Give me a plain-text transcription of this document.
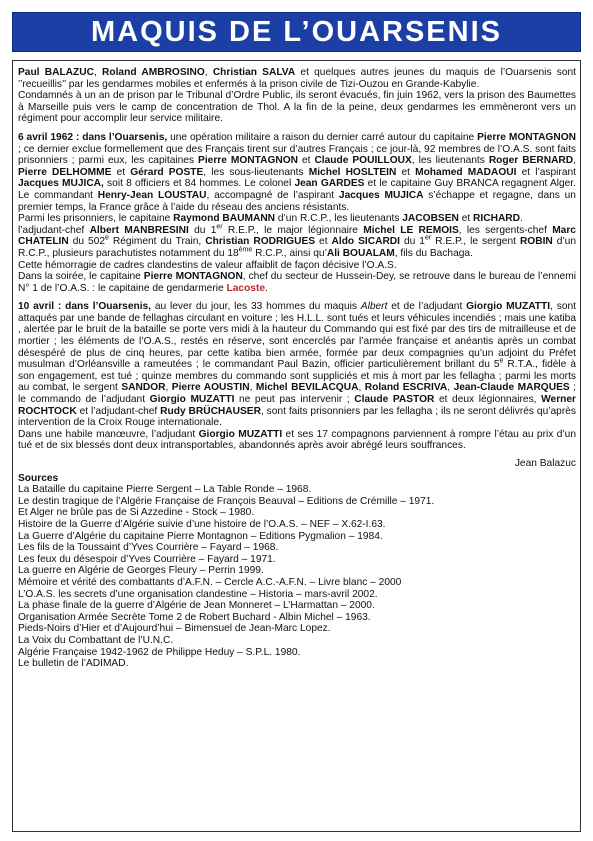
MAQUIS DE L’OUARSENIS

Paul BALAZUC, Roland AMBROSINO, Christian SALVA et quelques autres jeunes du maquis de l’Ouarsenis sont ’’recueillis’’ par les gendarmes mobiles et enfermés à la prison civile de Tizi-Ouzou en Grande-Kabylie.
Condamnés à un an de prison par le Tribunal d’Ordre Public, ils seront évacués, fin juin 1962, vers la prison des Baumettes à Marseille puis vers le camp de concentration de Thol. A la fin de la peine, deux gendarmes les emmèneront vers un régiment pour accomplir leur service militaire.

6 avril 1962 : dans l’Ouarsenis, une opération militaire a raison du dernier carré autour du capitaine Pierre MONTAGNON ; ce dernier exclue formellement que des Français tirent sur d’autres Français ; ce jour-là, 92 membres de l’O.A.S. sont faits prisonniers ; parmi eux, les capitaines Pierre MONTAGNON et Claude POUILLOUX, les lieutenants Roger BERNARD, Pierre DELHOMME et Gérard POSTE, les sous-lieutenants Michel HOSLTEIN et Mohamed MADAOUI et l’aspirant Jacques MUJICA, soit 8 officiers et 84 hommes. Le colonel Jean GARDES et le capitaine Guy BRANCA regagnent Alger. Le commandant Henry-Jean LOUSTAU, accompagné de l’aspirant Jacques MUJICA s’échappe et regagne, dans un premier temps, la France grâce à l’aide du réseau des anciens résistants.
Parmi les prisonniers, le capitaine Raymond BAUMANN d’un R.C.P., les lieutenants JACOBSEN et RICHARD.
l’adjudant-chef Albert MANBRESINI du 1er R.E.P., le major légionnaire Michel LE REMOIS, les sergents-chef Marc CHATELIN du 502e Régiment du Train, Christian RODRIGUES et Aldo SICARDI du 1er R.E.P., le sergent ROBIN d’un R.C.P., plusieurs parachutistes notamment du 18ème R.C.P., ainsi qu’Ali BOUALAM, fils du Bachaga.
Cette hémorragie de cadres clandestins de valeur affaiblit de façon décisive l’O.A.S.
Dans la soirée, le capitaine Pierre MONTAGNON, chef du secteur de Hussein-Dey, se retrouve dans le bureau de l’ennemi N° 1 de l’O.A.S. : le capitaine de gendarmerie Lacoste.

10 avril : dans l’Ouarsenis, au lever du jour, les 33 hommes du maquis Albert et de l’adjudant Giorgio MUZATTI, sont attaqués par une bande de fellaghas circulant en voiture ; les H.L.L. sont tués et leurs véhicules incendiés ; mais une katiba , alertée par le bruit de la bataille se porte vers midi à la hauteur du Commando qui est fixé par des tirs de mitrailleuse et de mortier ; les éléments de l’O.A.S., restés en réserve, sont encerclés par l’armée française et anéantis après un combat désespéré de plus de cinq heures, par cette katiba bien armée, formée par deux compagnies qu’un adjoint du Préfet musulman d’Orléansville a rameutées ; le commandant Paul Bazin, officier particulièrement brillant du 5e R.T.A., fidèle à son engagement, est tué ; quinze membres du commando sont suppliciés et mis à mort par les fellagha ; parmi les morts au combat, le sergent SANDOR, Pierre AOUSTIN, Michel BEVILACQUA, Roland ESCRIVA, Jean-Claude MARQUES ; le commando de l’adjudant Giorgio MUZATTI ne peut pas intervenir ; Claude PASTOR et deux légionnaires, Werner ROCHTOCK et l’adjudant-chef Rudy BRÜCHAUSER, sont faits prisonniers par les fellagha ; ils ne seront délivrés qu’après intervention de la Croix Rouge internationale.
Dans une habile manœuvre, l’adjudant Giorgio MUZATTI et ses 17 compagnons parviennent à rompre l’étau au prix d’un tué et de six blessés dont deux intransportables, abandonnés après avoir abrégé leurs souffrances.

Jean Balazuc
Sources
La Bataille du capitaine Pierre Sergent – La Table Ronde – 1968.
Le destin tragique de l’Algérie Française de François Beauval – Editions de Crémille – 1971.
Et Alger ne brûle pas de Si Azzedine - Stock – 1980.
Histoire de la Guerre d’Algérie suivie d’une histoire de l’O.A.S. – NEF – X.62-I.63.
La Guerre d’Algérie du capitaine Pierre Montagnon – Editions Pygmalion – 1984.
Les fils de la Toussaint d’Yves Courrière – Fayard – 1968.
Les feux du désespoir d’Yves Courrière – Fayard – 1971.
La guerre en Algérie de Georges Fleury – Perrin 1999.
Mémoire et vérité des combattants d’A.F.N. – Cercle A.C.-A.F.N. – Livre blanc – 2000
L’O.A.S. les secrets d’une organisation clandestine – Historia – mars-avril 2002.
La phase finale de la guerre d’Algérie de Jean Monneret – L’Harmattan – 2000.
Organisation Armée Secrète Tome 2 de Robert Buchard - Albin Michel – 1963.
Pieds-Noirs d’Hier et d’Aujourd’hui – Bimensuel de Jean-Marc Lopez.
La Voix du Combattant de l’U.N.C.
Algérie Française 1942-1962 de Philippe Heduy – S.P.L. 1980.
Le bulletin de l’ADIMAD.
